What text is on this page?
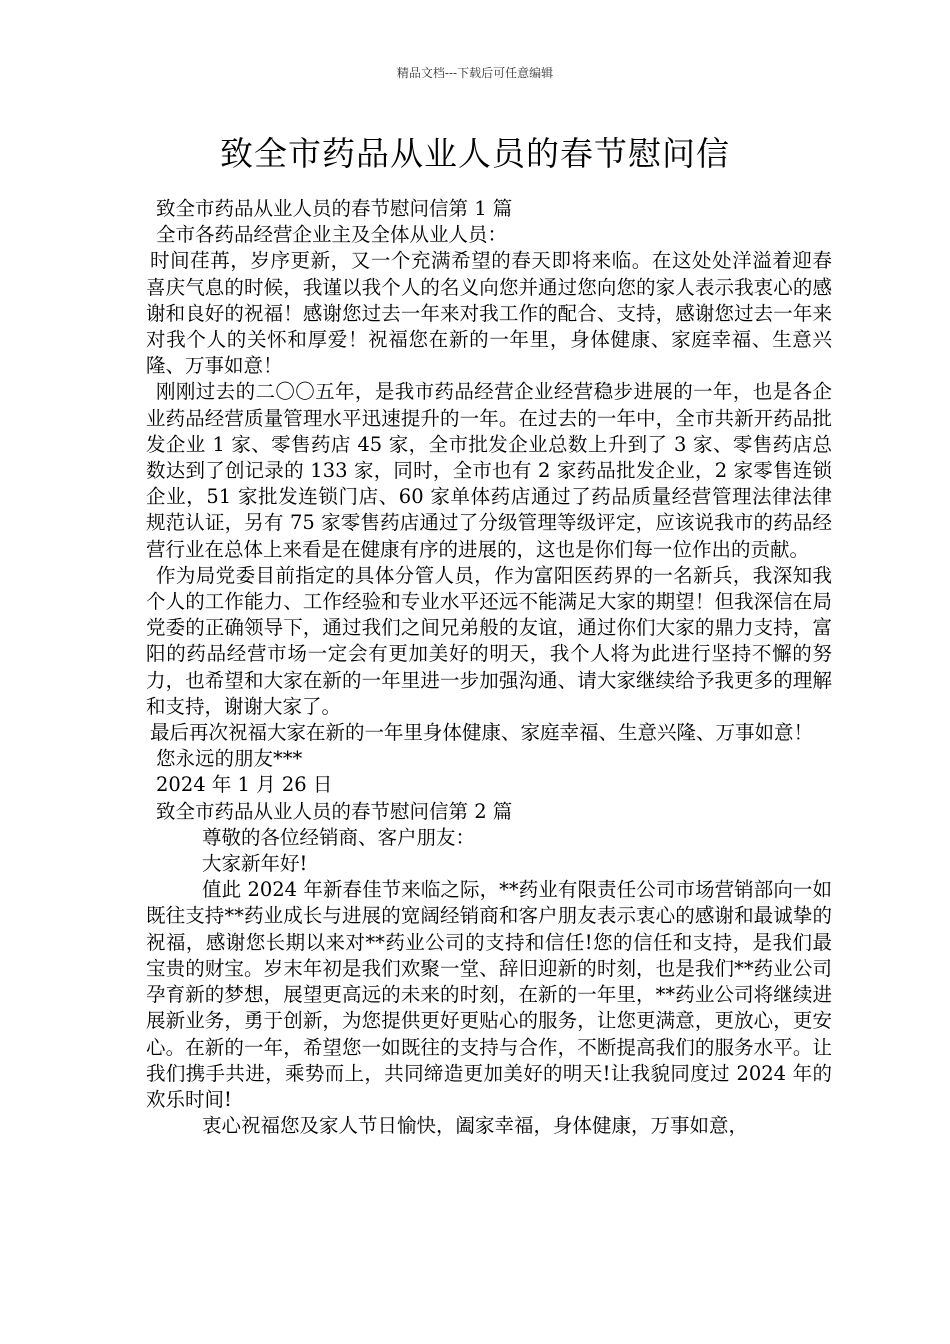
精品文档---下载后可任意编辑
致全市药品从业人员的春节慰问信

致全市药品从业人员的春节慰问信第 1 篇

全市各药品经营企业主及全体从业人员：

时间荏苒，岁序更新，又一个充满希望的春天即将来临。在这处处洋溢着迎春喜庆气息的时候，我谨以我个人的名义向您并通过您向您的家人表示我衷心的感谢和良好的祝福！感谢您过去一年来对我工作的配合、支持，感谢您过去一年来对我个人的关怀和厚爱！祝福您在新的一年里，身体健康、家庭幸福、生意兴隆、万事如意！

刚刚过去的二〇〇五年，是我市药品经营企业经营稳步进展的一年，也是各企业药品经营质量管理水平迅速提升的一年。在过去的一年中，全市共新开药品批发企业 1 家、零售药店 45 家，全市批发企业总数上升到了 3 家、零售药店总数达到了创记录的 133 家，同时，全市也有 2 家药品批发企业，2 家零售连锁企业，51 家批发连锁门店、60 家单体药店通过了药品质量经营管理法律法律规范认证，另有 75 家零售药店通过了分级管理等级评定，应该说我市的药品经营行业在总体上来看是在健康有序的进展的，这也是你们每一位作出的贡献。

作为局党委目前指定的具体分管人员，作为富阳医药界的一名新兵，我深知我个人的工作能力、工作经验和专业水平还远不能满足大家的期望！但我深信在局党委的正确领导下，通过我们之间兄弟般的友谊，通过你们大家的鼎力支持，富阳的药品经营市场一定会有更加美好的明天，我个人将为此进行坚持不懈的努力，也希望和大家在新的一年里进一步加强沟通、请大家继续给予我更多的理解和支持，谢谢大家了。

最后再次祝福大家在新的一年里身体健康、家庭幸福、生意兴隆、万事如意！

您永远的朋友***

2024 年 1 月 26 日

致全市药品从业人员的春节慰问信第 2 篇

尊敬的各位经销商、客户朋友：

大家新年好!

值此 2024 年新春佳节来临之际，**药业有限责任公司市场营销部向一如既往支持**药业成长与进展的宽阔经销商和客户朋友表示衷心的感谢和最诚挚的祝福，感谢您长期以来对**药业公司的支持和信任!您的信任和支持，是我们最宝贵的财宝。岁末年初是我们欢聚一堂、辞旧迎新的时刻，也是我们**药业公司孕育新的梦想，展望更高远的未来的时刻，在新的一年里，**药业公司将继续进展新业务，勇于创新，为您提供更好更贴心的服务，让您更满意，更放心，更安心。在新的一年，希望您一如既往的支持与合作，不断提高我们的服务水平。让我们携手共进，乘势而上，共同缔造更加美好的明天!让我貌同度过 2024 年的欢乐时间!

衷心祝福您及家人节日愉快，阖家幸福，身体健康，万事如意，
